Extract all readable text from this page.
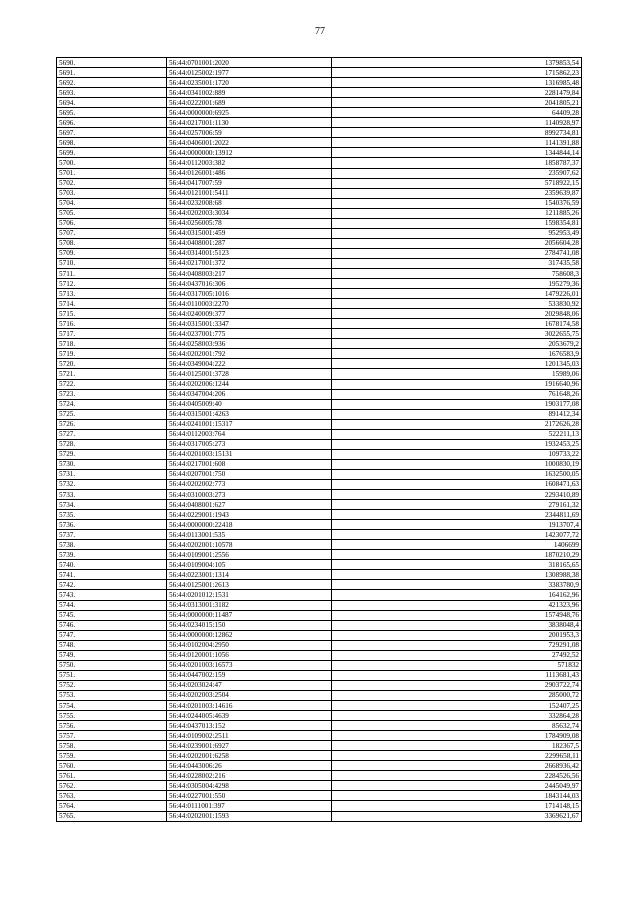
77
5690.	56:44:0701001:2020	1379853,54
5691.	56:44:0125002:1977	1715862,23
5692.	56:44:0235001:1720	1316985,48
5693.	56:44:0341002:889	2281479,84
5694.	56:44:0222001:689	2041805,21
5695.	56:44:0000000:6925	64409,28
5696.	56:44:0217001:1130	1140928,97
5697.	56:44:0257006:59	8992734,81
5698.	56:44:0406001:2022	1141391,88
5699.	56:44:0000000:13912	1344844,14
5700.	56:44:0112003:382	1858787,37
5701.	56:44:0126001:486	235907,62
5702.	56:44:0417007:59	5718922,15
5703.	56:44:0121001:5411	2359639,87
5704.	56:44:0232008:68	1540376,59
5705.	56:44:0202003:3034	1211885,26
5706.	56:44:0256005:78	1598354,81
5707.	56:44:0315001:459	952953,49
5708.	56:44:0408001:287	2056604,28
5709.	56:44:0314001:5123	2784741,08
5710.	56:44:0217001:372	317435,58
5711.	56:44:0408003:217	758608,3
5712.	56:44:0437016:306	195279,36
5713.	56:44:0317005:1016	1479226,01
5714.	56:44:0110003:2270	533830,92
5715.	56:44:0240009:377	2029848,06
5716.	56:44:0315001:3347	1678174,58
5717.	56:44:0237001:775	3022655,75
5718.	56:44:0258003:936	2053679,2
5719.	56:44:0202001:792	1676583,9
5720.	56:44:0349004:222	1201345,03
5721.	56:44:0125001:3728	15989,06
5722.	56:44:0202006:1244	1916640,96
5723.	56:44:0347004:206	761648,26
5724.	56:44:0405009:40	1903177,08
5725.	56:44:0315001:4263	891412,34
5726.	56:44:0241001:15317	2172626,28
5727.	56:44:0112003:764	522211,13
5728.	56:44:0317005:273	1932453,25
5729.	56:44:0201003:15131	109733,22
5730.	56:44:0217001:608	1000830,19
5731.	56:44:0207001:750	1632500,05
5732.	56:44:0202002:773	1608471,63
5733.	56:44:0310003:273	2293410,89
5734.	56:44:0408001:627	279161,32
5735.	56:44:0229001:1943	2344811,69
5736.	56:44:0000000:22418	1913707,4
5737.	56:44:0113001:535	1423077,72
5738.	56:44:0202001:10578	1406699
5739.	56:44:0109001:2556	1870210,29
5740.	56:44:0109004:105	318165,65
5741.	56:44:0223001:1314	1308988,38
5742.	56:44:0125001:2613	3383780,9
5743.	56:44:0201012:1531	164162,96
5744.	56:44:0313001:3182	421323,96
5745.	56:44:0000000:11487	1574948,76
5746.	56:44:0234015:150	3838048,4
5747.	56:44:0000000:12862	2001953,3
5748.	56:44:0102004:2950	729291,08
5749.	56:44:0120001:1056	27492,52
5750.	56:44:0201003:16573	571832
5751.	56:44:0447002:159	1113681,43
5752.	56:44:0203024:47	2903722,74
5753.	56:44:0202003:2504	285000,72
5754.	56:44:0201003:14616	152407,25
5755.	56:44:0244005:4639	332864,28
5756.	56:44:0437013:152	85632,74
5757.	56:44:0109002:2511	1784909,08
5758.	56:44:0239001:6927	182367,5
5759.	56:44:0202001:6258	2299658,11
5760.	56:44:0443006:26	2668936,42
5761.	56:44:0228002:216	2284526,56
5762.	56:44:0305004:4298	2445049,97
5763.	56:44:0227001:550	1843144,03
5764.	56:44:0111001:397	1714148,15
5765.	56:44:0202001:1593	3369621,67
